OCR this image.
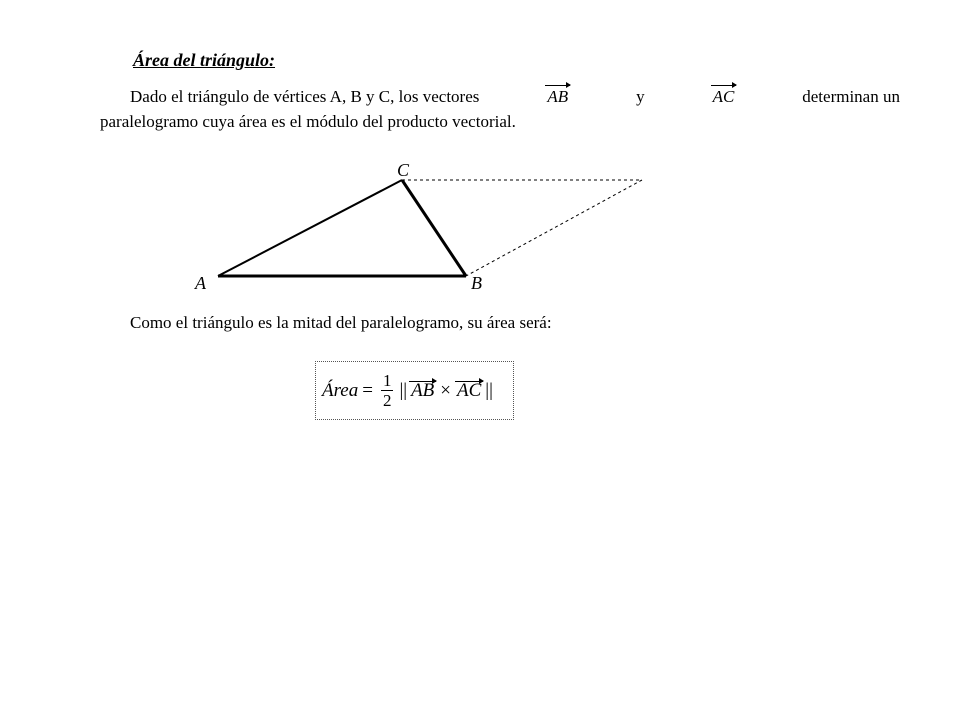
Área del triángulo:
Dado el triángulo de vértices A, B y C, los vectores	AB	y	AC	determinan un
paralelogramo cuya área es el módulo del producto vectorial.
A	B
C
Como el triángulo es la mitad del paralelogramo, su área será:
Área = $\frac{1}{2}$ || AB × AC ||
